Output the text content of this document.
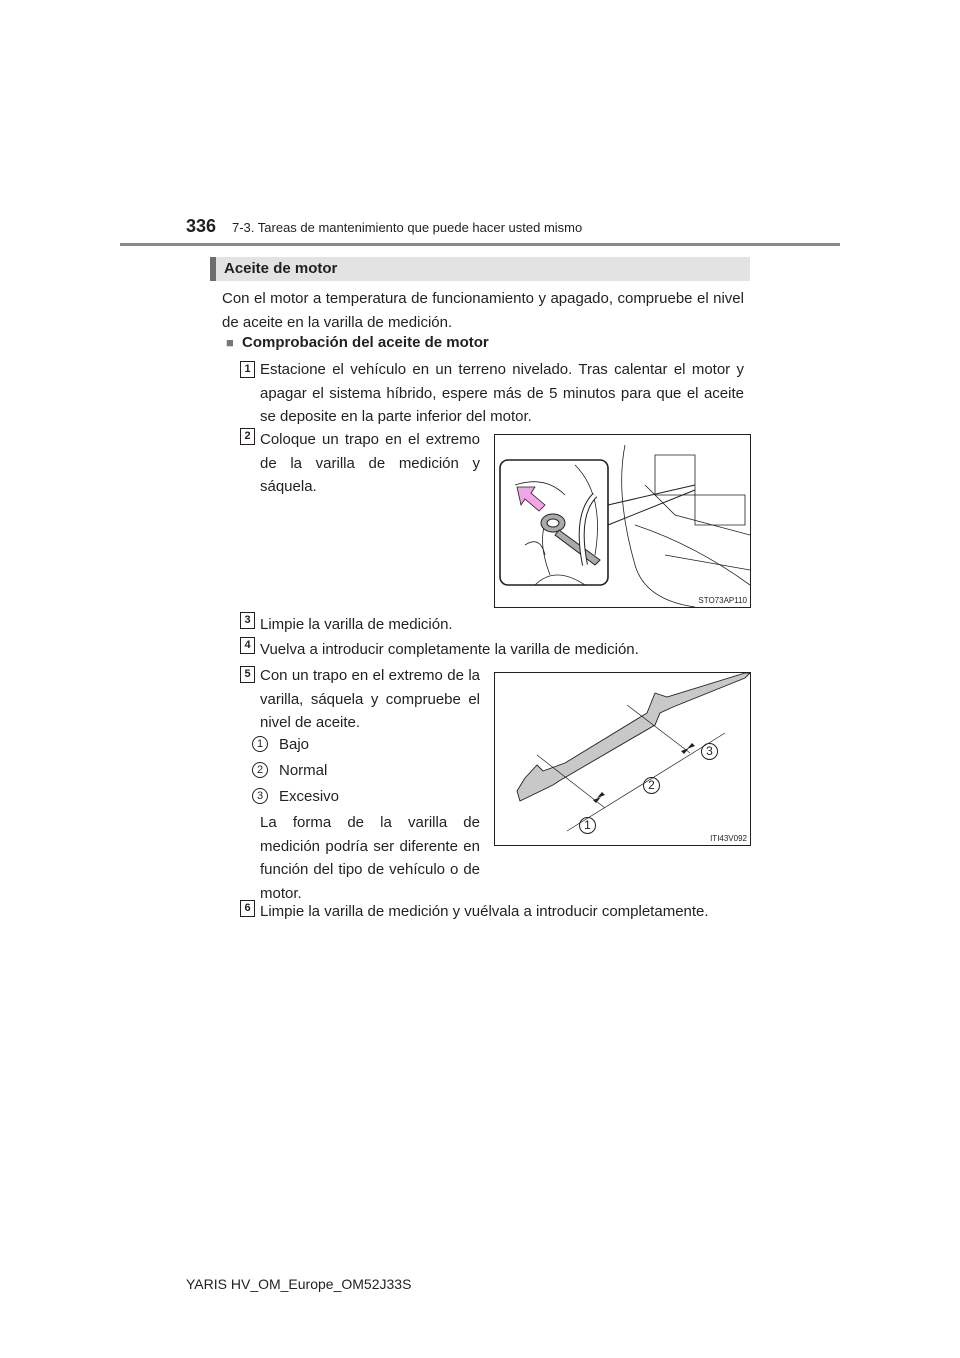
336 7-3. Tareas de mantenimiento que puede hacer usted mismo
Aceite de motor
Con el motor a temperatura de funcionamiento y apagado, compruebe el nivel de aceite en la varilla de medición.
■ Comprobación del aceite de motor
1 Estacione el vehículo en un terreno nivelado. Tras calentar el motor y apagar el sistema híbrido, espere más de 5 minutos para que el aceite se deposite en la parte inferior del motor.
2 Coloque un trapo en el extremo de la varilla de medición y sáquela.
STO73AP110
3 Limpie la varilla de medición.
4 Vuelva a introducir completamente la varilla de medición.
5 Con un trapo en el extremo de la varilla, sáquela y compruebe el nivel de aceite.
1	Bajo
2	Normal
3	Excesivo
La forma de la varilla de medición podría ser diferente en función del tipo de vehículo o de motor.
1
2
3
ITI43V092
6 Limpie la varilla de medición y vuélvala a introducir completamente.
YARIS HV_OM_Europe_OM52J33S
